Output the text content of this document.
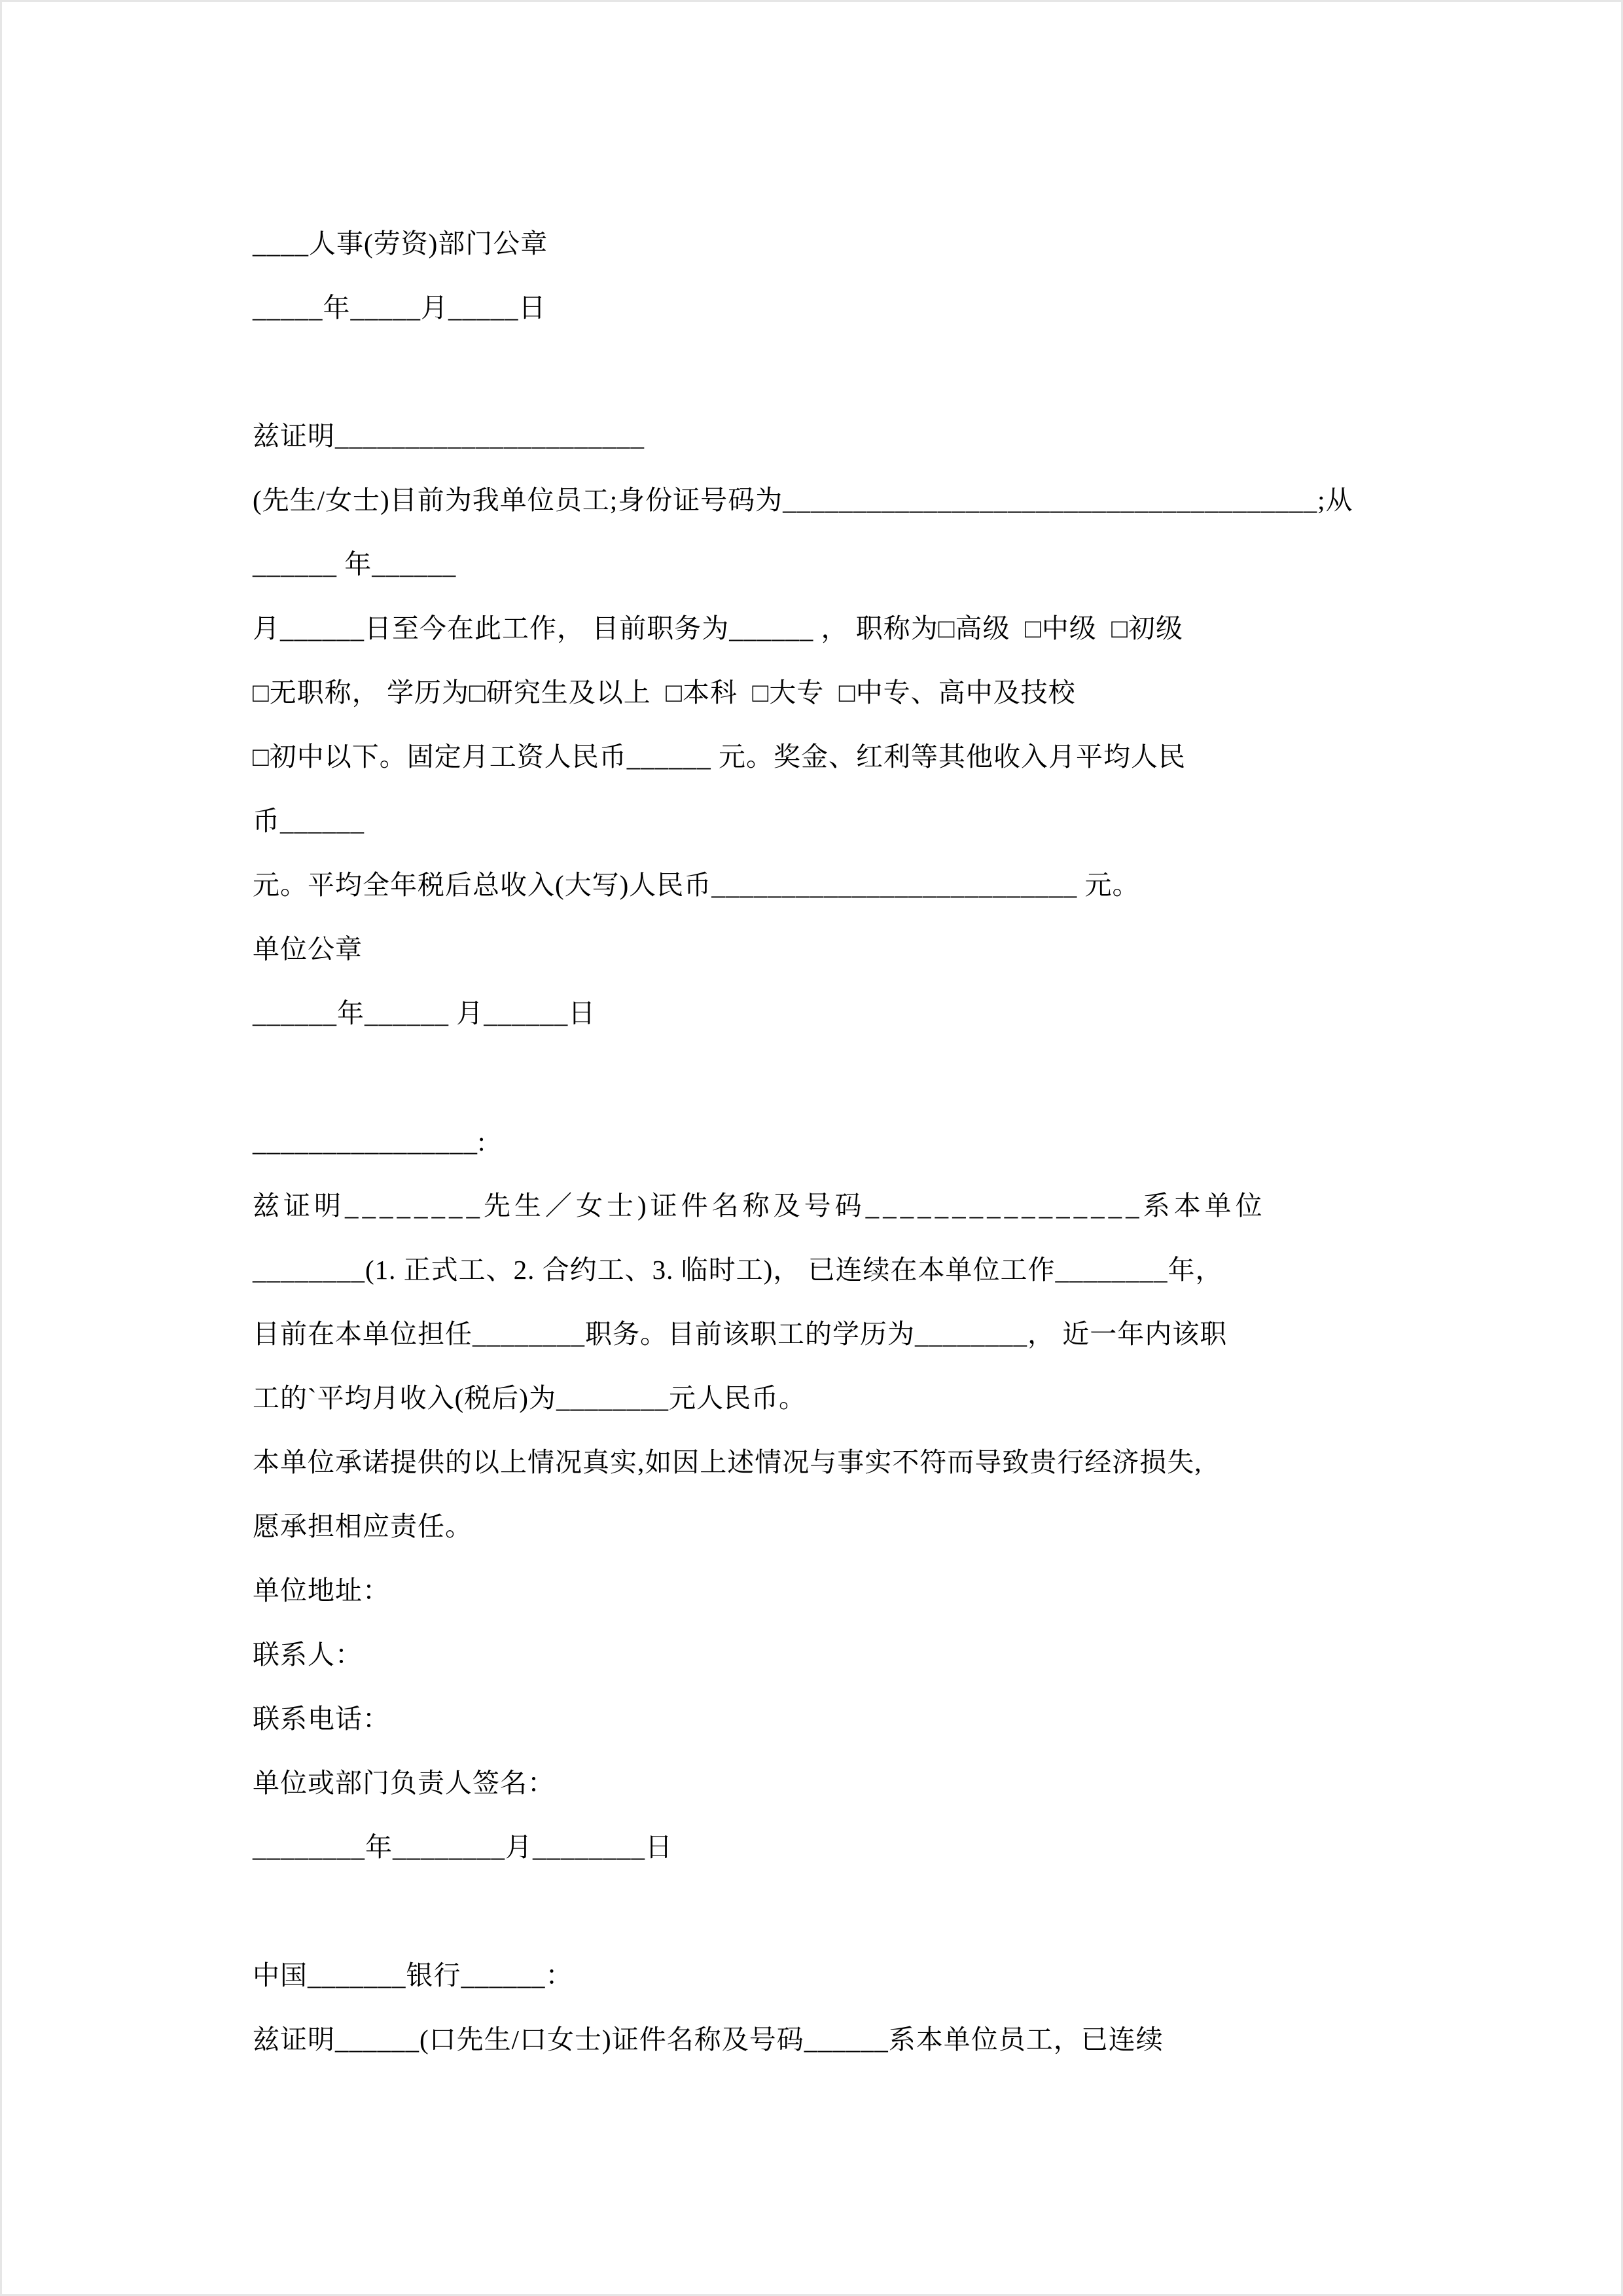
____人事(劳资)部门公章
_____年_____月_____日
兹证明______________________
(先生/女士)目前为我单位员工;身份证号码为______________________________________;从
______ 年______
月______日至今在此工作， 目前职务为______ ， 职称为□高级  □中级  □初级
□无职称， 学历为□研究生及以上  □本科  □大专  □中专、高中及技校
□初中以下。固定月工资人民币______ 元。奖金、红利等其他收入月平均人民
币______
元。平均全年税后总收入(大写)人民币__________________________ 元。
单位公章
______年______ 月______日
________________:
兹证明________先生／女士)证件名称及号码________________系本单位
________(1. 正式工、2. 合约工、3. 临时工)， 已连续在本单位工作________年，
目前在本单位担任________职务。目前该职工的学历为________， 近一年内该职
工的`平均月收入(税后)为________元人民币。
本单位承诺提供的以上情况真实,如因上述情况与事实不符而导致贵行经济损失,
愿承担相应责任。
单位地址：
联系人：
联系电话：
单位或部门负责人签名：
________年________月________日
中国_______银行______：
兹证明______(口先生/口女士)证件名称及号码______系本单位员工，已连续
